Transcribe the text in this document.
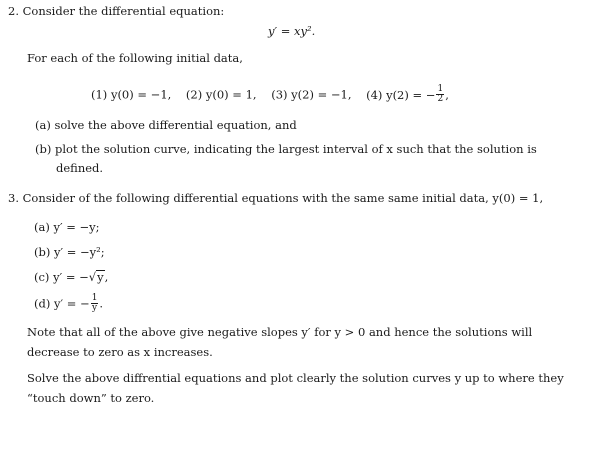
2. Consider the differential equation:
y′ = xy².
For each of the following initial data,
(1) y(0) = −1, (2) y(0) = 1, (3) y(2) = −1, (4) y(2) = − $\frac{1}{2}$ ,
(a) solve the above differential equation, and
(b) plot the solution curve, indicating the largest interval of x such that the solution is
defined.
3. Consider of the following differential equations with the same same initial data, y(0) = 1,
(a) y′ = −y;
(b) y′ = −y²;
(c) y′ = −√y,
(d) y′ = − $\frac{1}{y}$ .
Note that all of the above give negative slopes y′ for y > 0 and hence the solutions will
decrease to zero as x increases.
Solve the above diffrential equations and plot clearly the solution curves y up to where they
“touch down” to zero.
